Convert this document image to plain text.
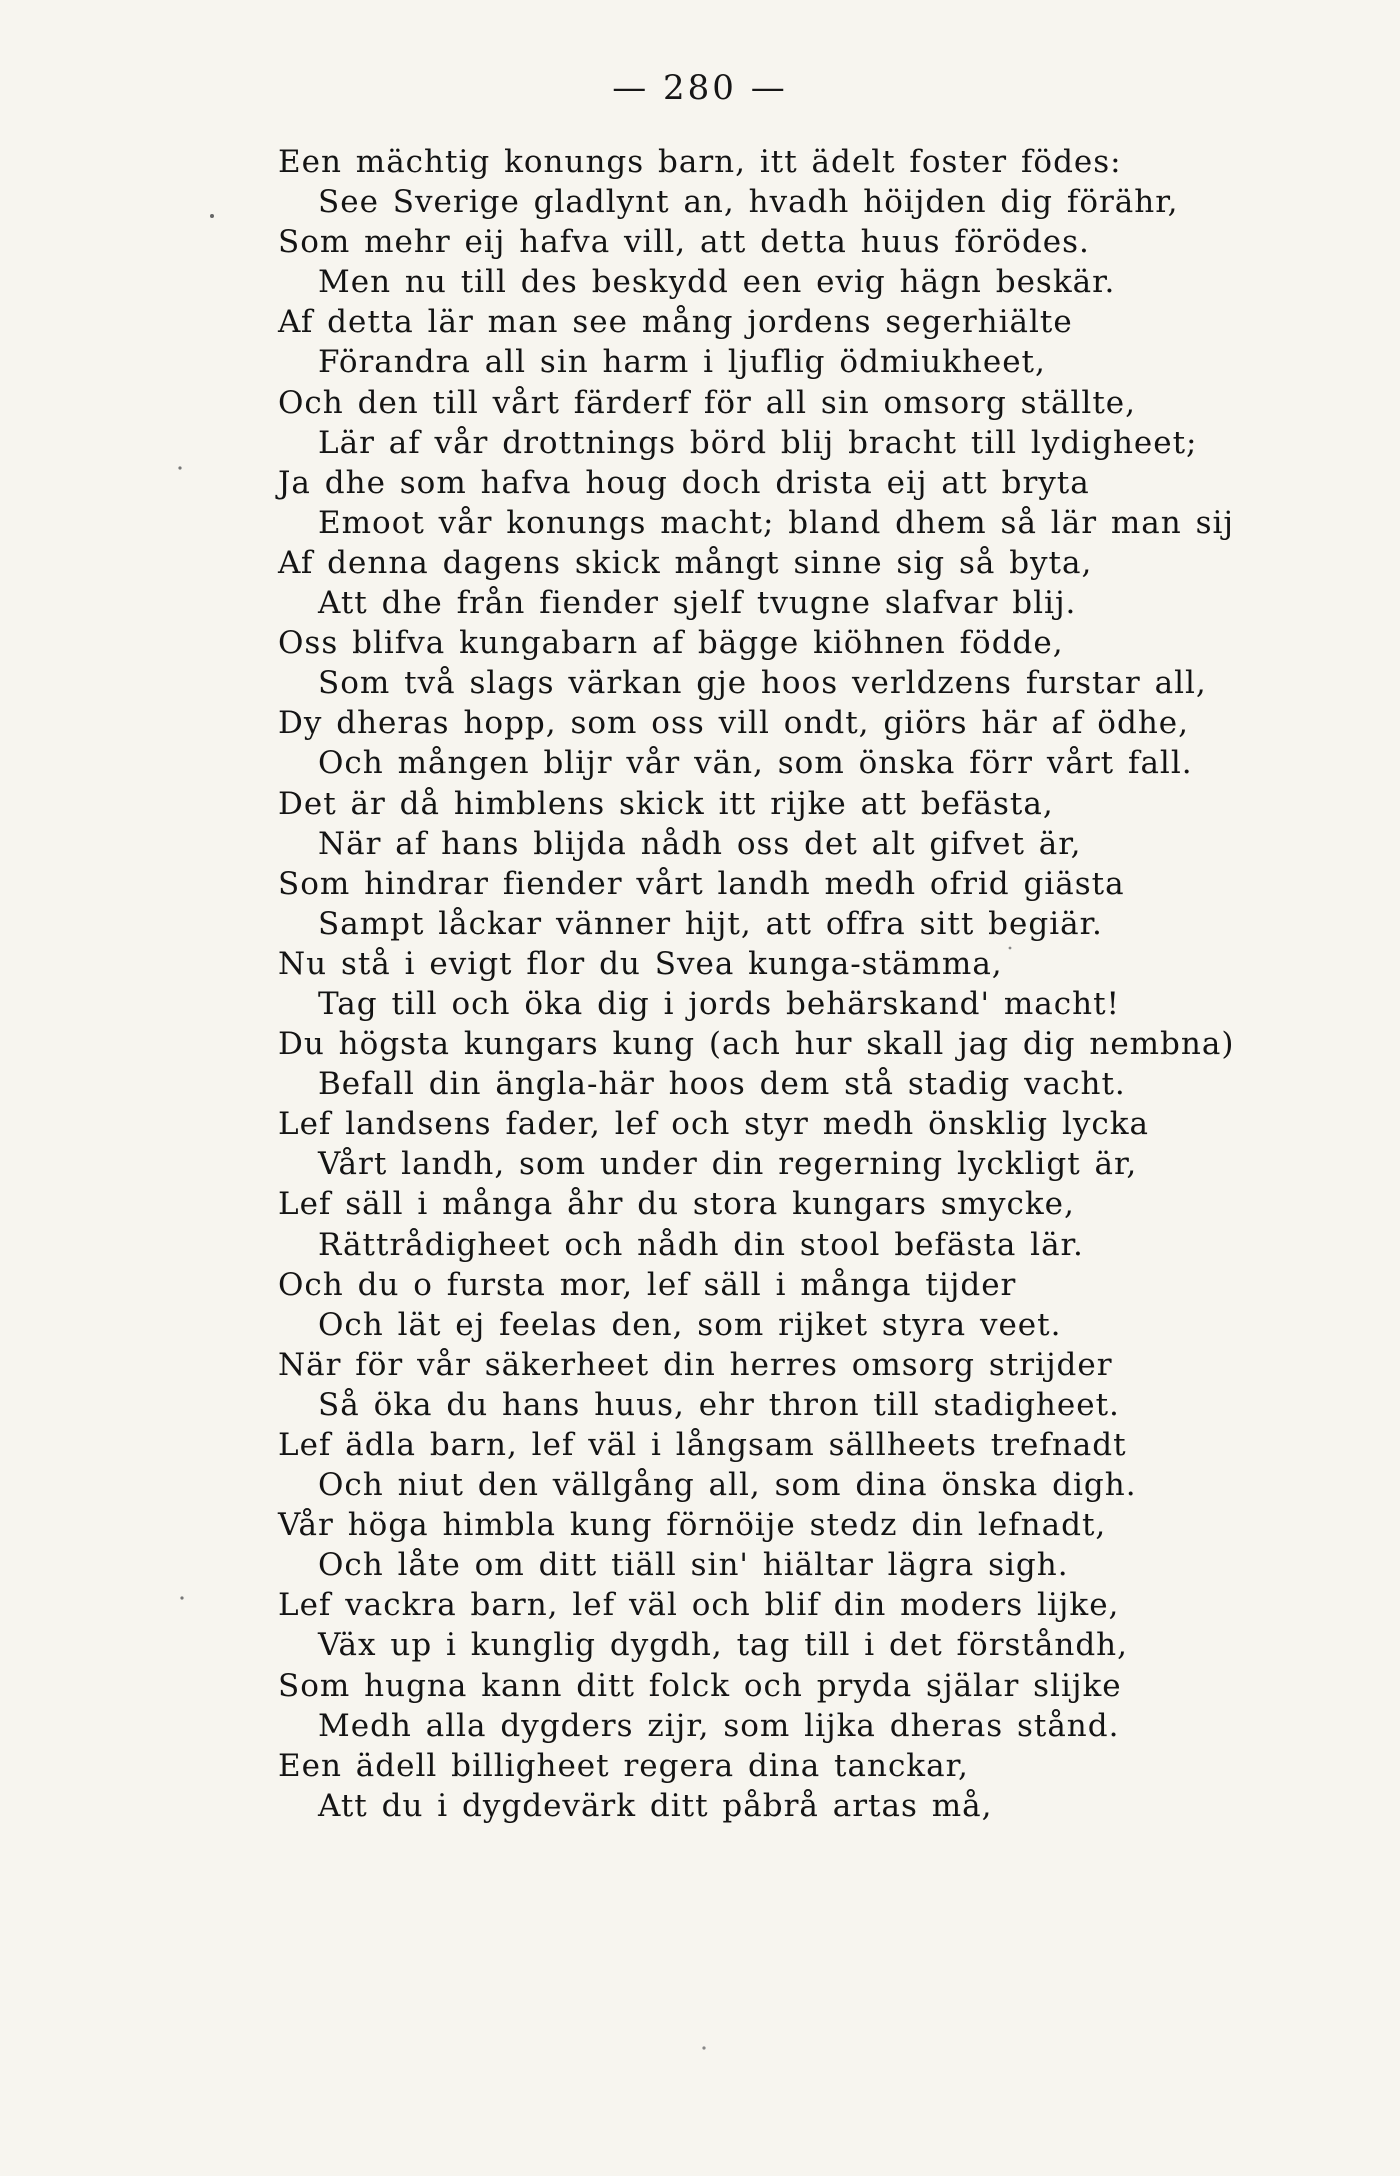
— 280 —
Een mächtig konungs barn, itt ädelt foster födes:
See Sverige gladlynt an, hvadh höijden dig förähr,
Som mehr eij hafva vill, att detta huus förödes.
Men nu till des beskydd een evig hägn beskär.
Af detta lär man see mång jordens segerhiälte
Förandra all sin harm i ljuflig ödmiukheet,
Och den till vårt färderf för all sin omsorg ställte,
Lär af vår drottnings börd blij bracht till lydigheet;
Ja dhe som hafva houg doch drista eij att bryta
Emoot vår konungs macht; bland dhem så lär man sij
Af denna dagens skick mångt sinne sig så byta,
Att dhe från fiender sjelf tvugne slafvar blij.
Oss blifva kungabarn af bägge kiöhnen födde,
Som två slags värkan gje hoos verldzens furstar all,
Dy dheras hopp, som oss vill ondt, giörs här af ödhe,
Och mången blijr vår vän, som önska förr vårt fall.
Det är då himblens skick itt rijke att befästa,
När af hans blijda nådh oss det alt gifvet är,
Som hindrar fiender vårt landh medh ofrid giästa
Sampt låckar vänner hijt, att offra sitt begiär.
Nu stå i evigt flor du Svea kunga-stämma,
Tag till och öka dig i jords behärskand' macht!
Du högsta kungars kung (ach hur skall jag dig nembna)
Befall din ängla-här hoos dem stå stadig vacht.
Lef landsens fader, lef och styr medh önsklig lycka
Vårt landh, som under din regerning lyckligt är,
Lef säll i många åhr du stora kungars smycke,
Rättrådigheet och nådh din stool befästa lär.
Och du o fursta mor, lef säll i många tijder
Och lät ej feelas den, som rijket styra veet.
När för vår säkerheet din herres omsorg strijder
Så öka du hans huus, ehr thron till stadigheet.
Lef ädla barn, lef väl i långsam sällheets trefnadt
Och niut den vällgång all, som dina önska digh.
Vår höga himbla kung förnöije stedz din lefnadt,
Och låte om ditt tiäll sin' hiältar lägra sigh.
Lef vackra barn, lef väl och blif din moders lijke,
Väx up i kunglig dygdh, tag till i det förståndh,
Som hugna kann ditt folck och pryda själar slijke
Medh alla dygders zijr, som lijka dheras stånd.
Een ädell billigheet regera dina tanckar,
Att du i dygdevärk ditt påbrå artas må,
